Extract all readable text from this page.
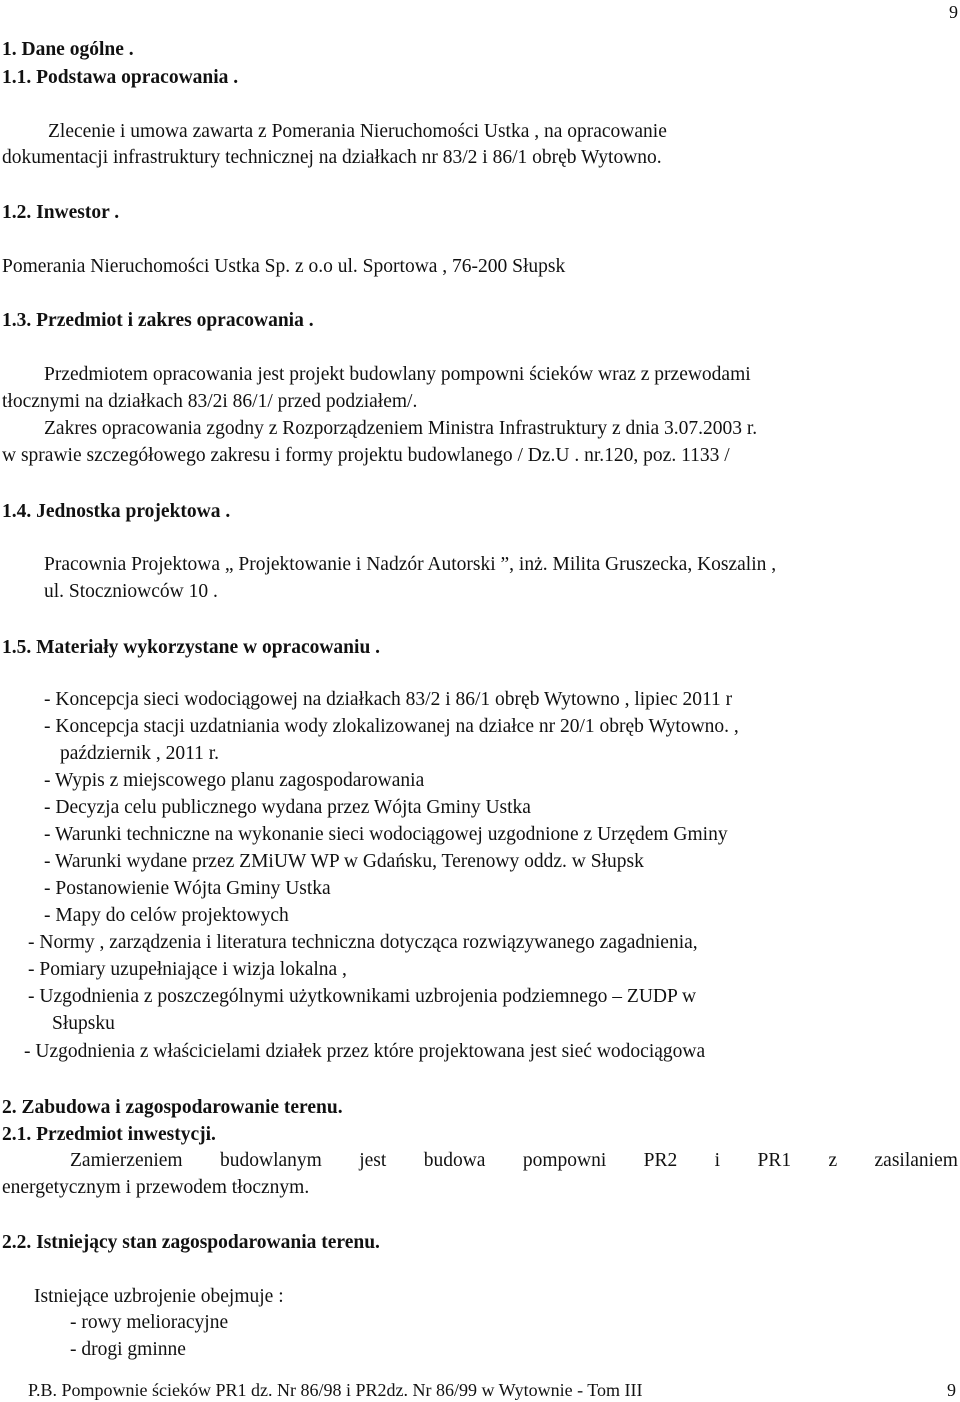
9
1. Dane ogólne .
1.1. Podstawa opracowania .
Zlecenie i umowa zawarta z Pomerania Nieruchomości Ustka , na opracowanie
dokumentacji infrastruktury technicznej na działkach nr 83/2 i 86/1 obręb Wytowno.
1.2. Inwestor .
Pomerania Nieruchomości Ustka Sp. z o.o ul. Sportowa , 76-200 Słupsk
1.3. Przedmiot i zakres opracowania .
Przedmiotem opracowania jest projekt budowlany pompowni ścieków wraz z przewodami
tłocznymi na działkach 83/2i 86/1/ przed podziałem/.
Zakres opracowania zgodny z Rozporządzeniem Ministra Infrastruktury z dnia 3.07.2003 r.
w sprawie szczegółowego zakresu i formy projektu budowlanego / Dz.U . nr.120, poz. 1133 /
1.4. Jednostka projektowa .
Pracownia Projektowa „ Projektowanie i Nadzór Autorski ”, inż. Milita Gruszecka, Koszalin ,
ul. Stoczniowców 10 .
1.5. Materiały wykorzystane w opracowaniu .
- Koncepcja sieci wodociągowej na działkach 83/2 i 86/1 obręb Wytowno , lipiec 2011 r
- Koncepcja stacji uzdatniania wody zlokalizowanej na działce nr 20/1 obręb Wytowno. ,
październik , 2011 r.
- Wypis z miejscowego planu zagospodarowania
- Decyzja celu publicznego wydana przez Wójta Gminy Ustka
- Warunki techniczne na wykonanie sieci wodociągowej uzgodnione z Urzędem Gminy
- Warunki wydane przez ZMiUW WP w Gdańsku, Terenowy oddz. w Słupsk
- Postanowienie Wójta Gminy Ustka
- Mapy do celów projektowych
- Normy , zarządzenia i literatura techniczna dotycząca rozwiązywanego zagadnienia,
- Pomiary uzupełniające i wizja lokalna ,
- Uzgodnienia z poszczególnymi użytkownikami uzbrojenia podziemnego – ZUDP w
Słupsku
- Uzgodnienia z właścicielami działek przez które projektowana jest sieć wodociągowa
2. Zabudowa i zagospodarowanie terenu.
2.1. Przedmiot inwestycji.
Zamierzeniem budowlanym jest budowa pompowni PR2 i PR1 z zasilaniem
energetycznym i przewodem tłocznym.
2.2. Istniejący stan zagospodarowania terenu.
Istniejące uzbrojenie obejmuje :
- rowy melioracyjne
- drogi gminne
P.B. Pompownie ścieków PR1 dz. Nr 86/98 i PR2dz. Nr 86/99 w Wytownie - Tom III	9
